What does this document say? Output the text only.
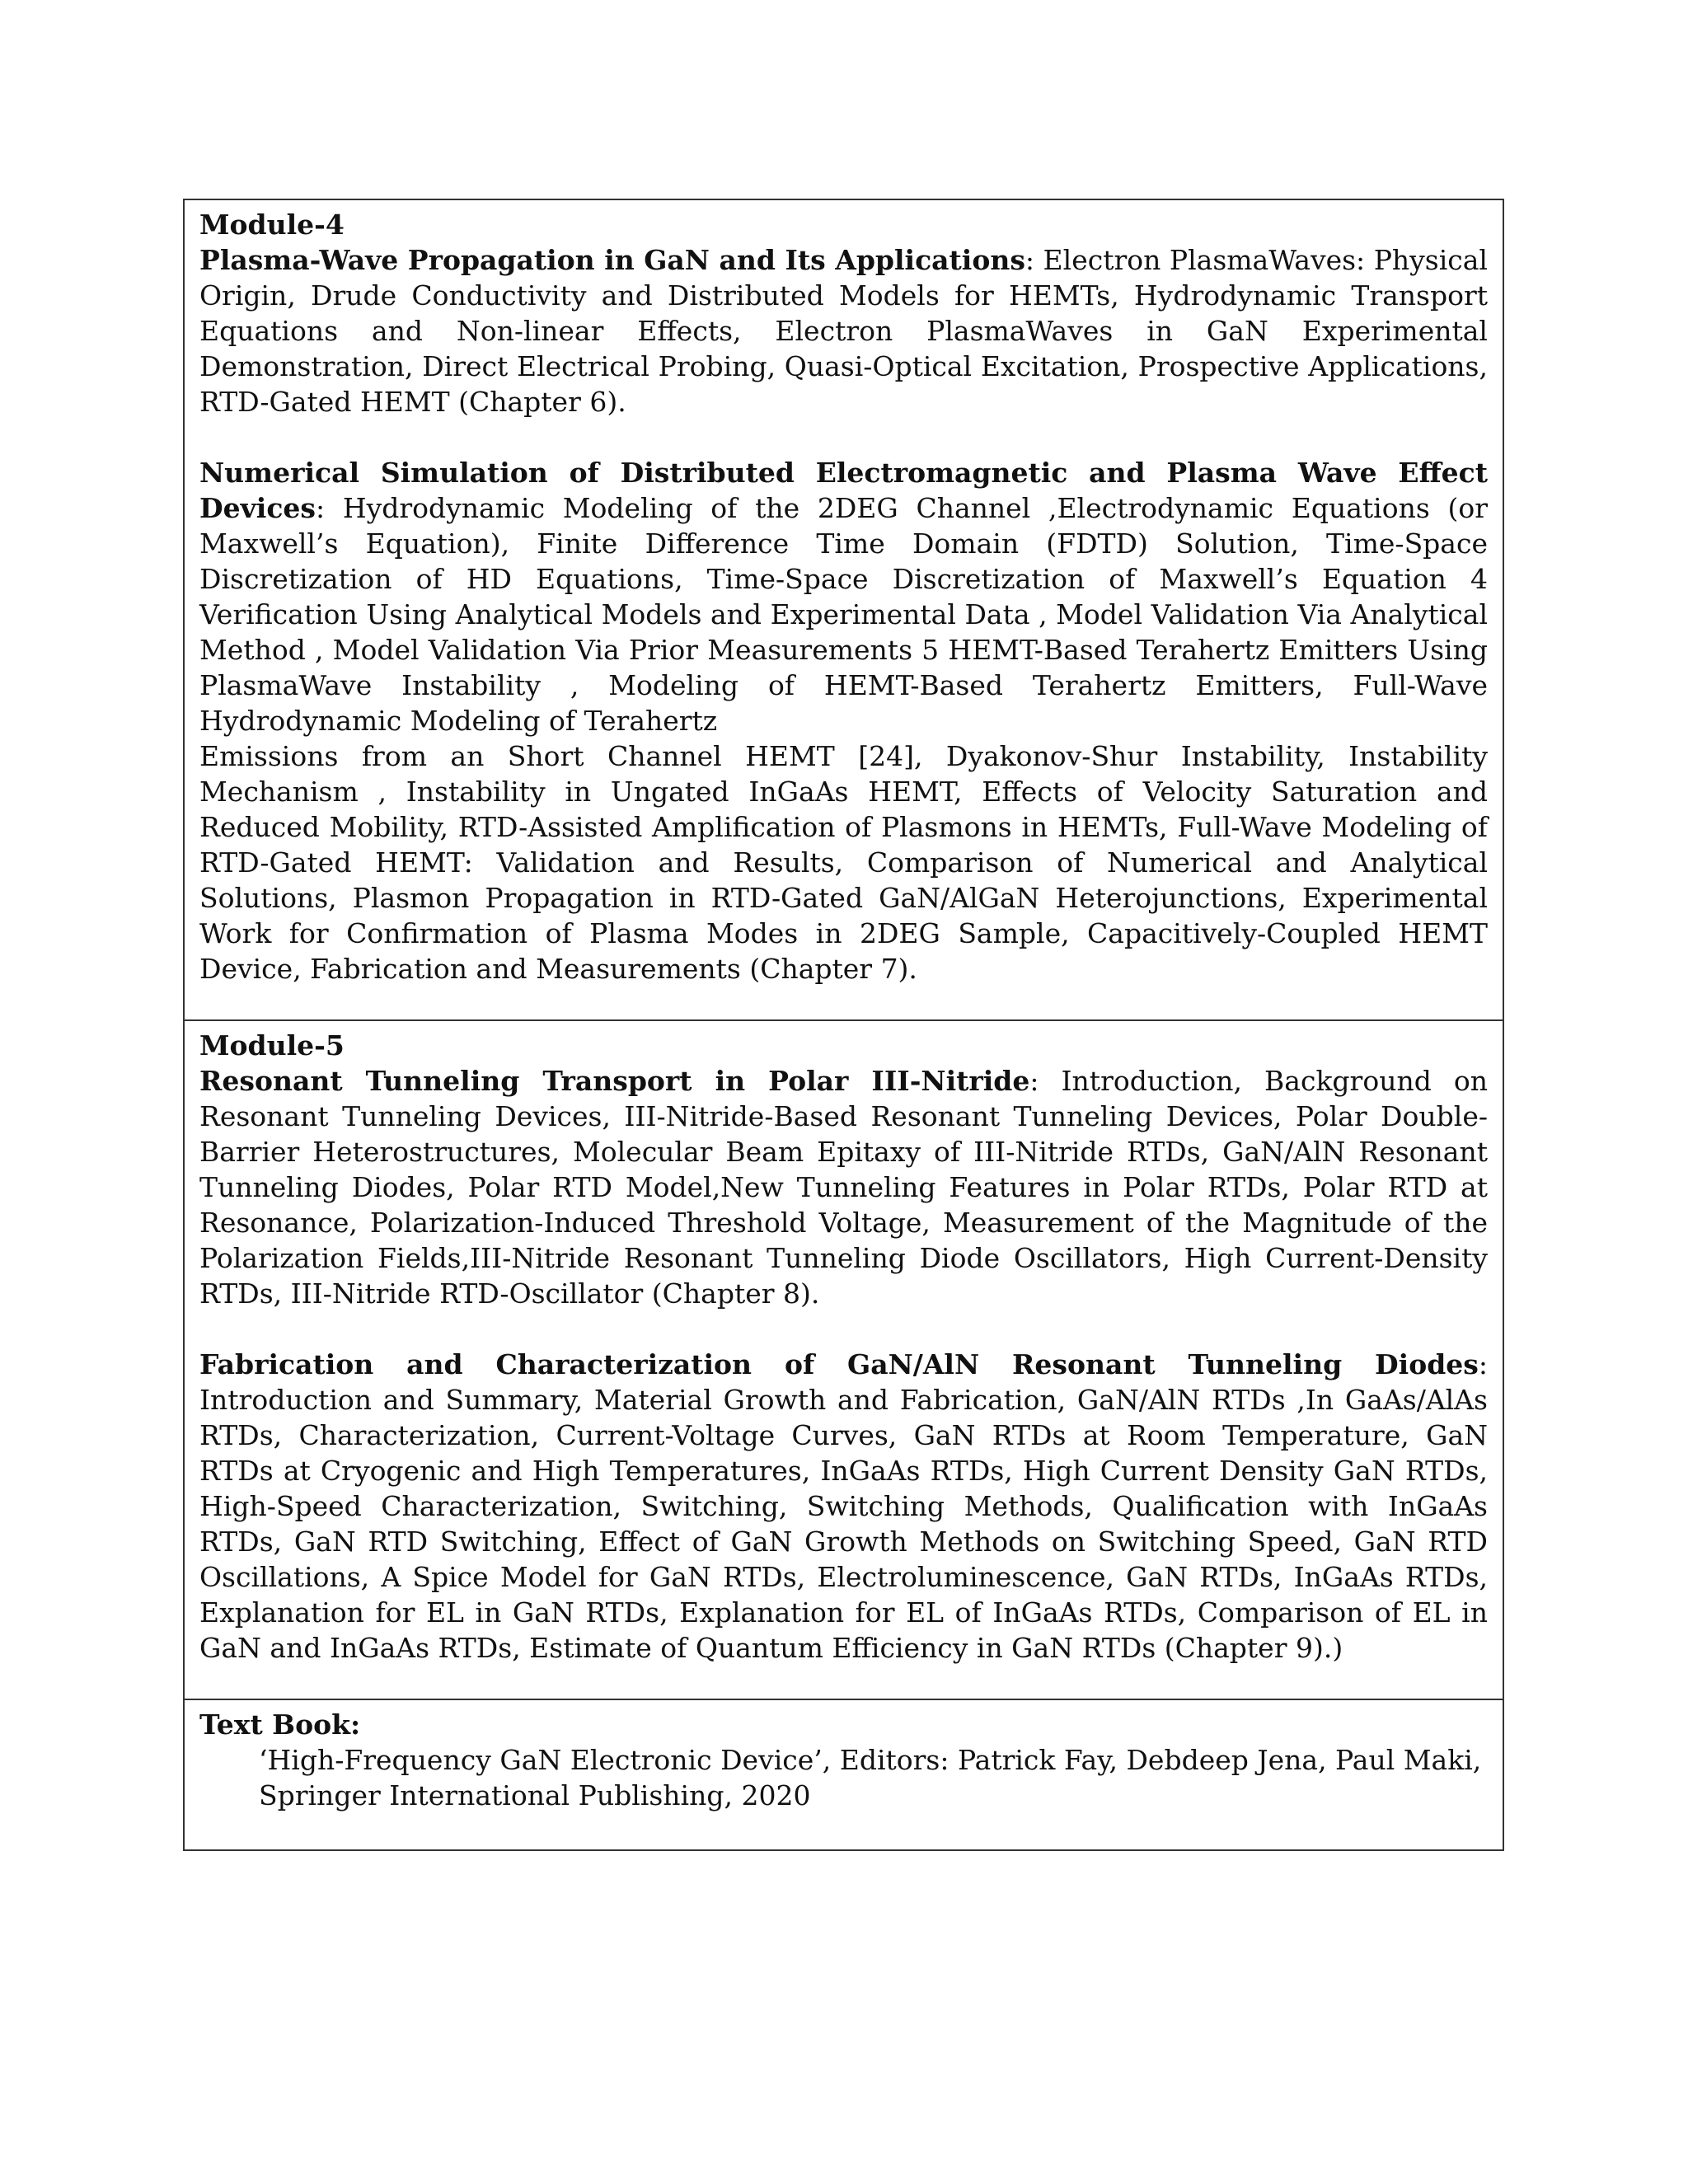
Module-4

Plasma-Wave Propagation in GaN and Its Applications: Electron PlasmaWaves: Physical Origin, Drude Conductivity and Distributed Models for HEMTs, Hydrodynamic Transport Equations and Non-linear Effects, Electron PlasmaWaves in GaN Experimental Demonstration, Direct Electrical Probing, Quasi-Optical Excitation, Prospective Applications, RTD-Gated HEMT (Chapter 6).

Numerical Simulation of Distributed Electromagnetic and Plasma Wave Effect Devices: Hydrodynamic Modeling of the 2DEG Channel ,Electrodynamic Equations (or Maxwell’s Equation), Finite Difference Time Domain (FDTD) Solution, Time-Space Discretization of HD Equations, Time-Space Discretization of Maxwell’s Equation 4 Verification Using Analytical Models and Experimental Data , Model Validation Via Analytical Method , Model Validation Via Prior Measurements 5 HEMT-Based Terahertz Emitters Using PlasmaWave Instability , Modeling of HEMT-Based Terahertz Emitters, Full-Wave Hydrodynamic Modeling of Terahertz

Emissions from an Short Channel HEMT [24], Dyakonov-Shur Instability, Instability Mechanism , Instability in Ungated InGaAs HEMT, Effects of Velocity Saturation and Reduced Mobility, RTD-Assisted Amplification of Plasmons in HEMTs, Full-Wave Modeling of RTD-Gated HEMT: Validation and Results, Comparison of Numerical and Analytical Solutions, Plasmon Propagation in RTD-Gated GaN/AlGaN Heterojunctions, Experimental Work for Confirmation of Plasma Modes in 2DEG Sample, Capacitively-Coupled HEMT Device, Fabrication and Measurements (Chapter 7).

Module-5

Resonant Tunneling Transport in Polar III-Nitride: Introduction, Background on Resonant Tunneling Devices, III-Nitride-Based Resonant Tunneling Devices, Polar Double-Barrier Heterostructures, Molecular Beam Epitaxy of III-Nitride RTDs, GaN/AlN Resonant Tunneling Diodes, Polar RTD Model,New Tunneling Features in Polar RTDs, Polar RTD at Resonance, Polarization-Induced Threshold Voltage, Measurement of the Magnitude of the Polarization Fields,III-Nitride Resonant Tunneling Diode Oscillators, High Current-Density RTDs, III-Nitride RTD-Oscillator (Chapter 8).

Fabrication and Characterization of GaN/AlN Resonant Tunneling Diodes: Introduction and Summary, Material Growth and Fabrication, GaN/AlN RTDs ,In GaAs/AlAs RTDs, Characterization, Current-Voltage Curves, GaN RTDs at Room Temperature, GaN RTDs at Cryogenic and High Temperatures, InGaAs RTDs, High Current Density GaN RTDs, High-Speed Characterization, Switching, Switching Methods, Qualification with InGaAs RTDs, GaN RTD Switching, Effect of GaN Growth Methods on Switching Speed, GaN RTD Oscillations, A Spice Model for GaN RTDs, Electroluminescence, GaN RTDs, InGaAs RTDs, Explanation for EL in GaN RTDs, Explanation for EL of InGaAs RTDs, Comparison of EL in GaN and InGaAs RTDs, Estimate of Quantum Efficiency in GaN RTDs (Chapter 9).)

Text Book:

‘High-Frequency GaN Electronic Device’, Editors: Patrick Fay, Debdeep Jena, Paul Maki,

Springer International Publishing, 2020
